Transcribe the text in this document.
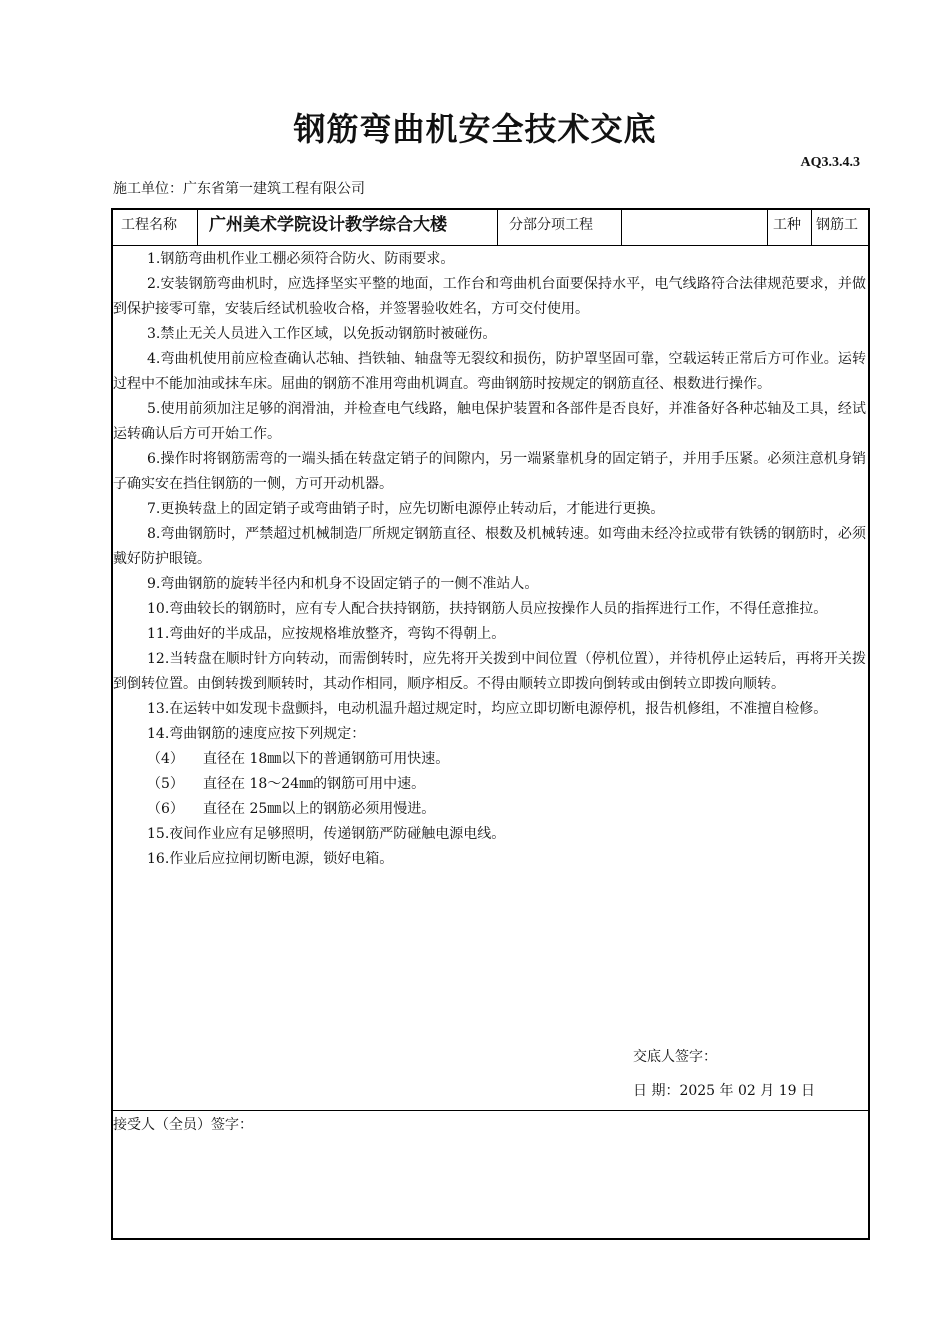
钢筋弯曲机安全技术交底
AQ3.3.4.3
施工单位：广东省第一建筑工程有限公司
工程名称 广州美术学院设计教学综合大楼	分部分项工程	工种 钢筋工

1.钢筋弯曲机作业工棚必须符合防火、防雨要求。

2.安装钢筋弯曲机时，应选择坚实平整的地面，工作台和弯曲机台面要保持水平，电气线路符合法律规范要求，并做到保护接零可靠，安装后经试机验收合格，并签署验收姓名，方可交付使用。

3.禁止无关人员进入工作区域，以免扳动钢筋时被碰伤。

4.弯曲机使用前应检查确认芯轴、挡铁轴、轴盘等无裂纹和损伤，防护罩坚固可靠，空载运转正常后方可作业。运转过程中不能加油或抹车床。屈曲的钢筋不准用弯曲机调直。弯曲钢筋时按规定的钢筋直径、根数进行操作。

5.使用前须加注足够的润滑油，并检查电气线路，触电保护装置和各部件是否良好，并准备好各种芯轴及工具，经试运转确认后方可开始工作。

6.操作时将钢筋需弯的一端头插在转盘定销子的间隙内，另一端紧靠机身的固定销子，并用手压紧。必须注意机身销子确实安在挡住钢筋的一侧，方可开动机器。

7.更换转盘上的固定销子或弯曲销子时，应先切断电源停止转动后，才能进行更换。

8.弯曲钢筋时，严禁超过机械制造厂所规定钢筋直径、根数及机械转速。如弯曲未经冷拉或带有铁锈的钢筋时，必须戴好防护眼镜。

9.弯曲钢筋的旋转半径内和机身不设固定销子的一侧不准站人。

10.弯曲较长的钢筋时，应有专人配合扶持钢筋，扶持钢筋人员应按操作人员的指挥进行工作，不得任意推拉。

11.弯曲好的半成品，应按规格堆放整齐，弯钩不得朝上。

12.当转盘在顺时针方向转动，而需倒转时，应先将开关拨到中间位置（停机位置），并待机停止运转后，再将开关拨到倒转位置。由倒转拨到顺转时，其动作相同，顺序相反。不得由顺转立即拨向倒转或由倒转立即拨向顺转。

13.在运转中如发现卡盘颤抖，电动机温升超过规定时，均应立即切断电源停机，报告机修组，不准擅自检修。

14.弯曲钢筋的速度应按下列规定：

（4） 直径在 18㎜以下的普通钢筋可用快速。

（5） 直径在 18～24㎜的钢筋可用中速。

（6） 直径在 25㎜以上的钢筋必须用慢进。

15.夜间作业应有足够照明，传递钢筋严防碰触电源电线。

16.作业后应拉闸切断电源，锁好电箱。

交底人签字：
日 期：2025 年 02 月 19 日
接受人（全员）签字：
